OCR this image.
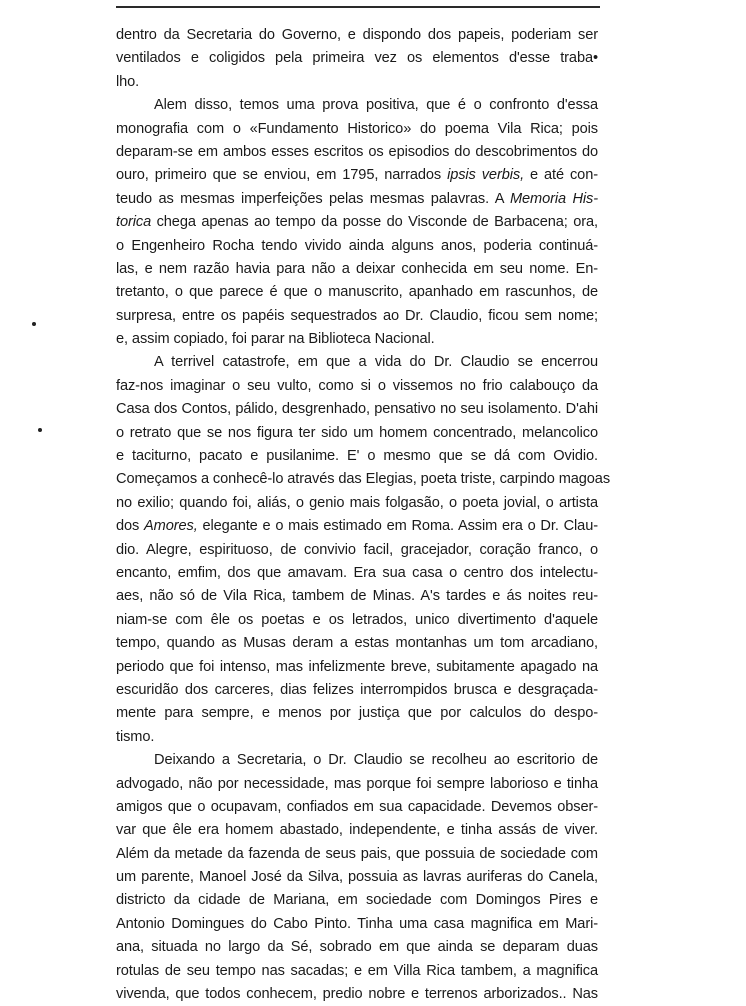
dentro da Secretaria do Governo, e dispondo dos papeis, poderiam ser
ventilados e coligidos pela primeira vez os elementos d'esse traba•
lho.
Alem disso, temos uma prova positiva, que é o confronto d'essa
monografia com o «Fundamento Historico» do poema Vila Rica; pois
deparam-se em ambos esses escritos os episodios do descobrimentos do
ouro, primeiro que se enviou, em 1795, narrados ipsis verbis, e até con-
teudo as mesmas imperfeições pelas mesmas palavras. A Memoria His-
torica chega apenas ao tempo da posse do Visconde de Barbacena; ora,
o Engenheiro Rocha tendo vivido ainda alguns anos, poderia continuá-
las, e nem razão havia para não a deixar conhecida em seu nome. En-
tretanto, o que parece é que o manuscrito, apanhado em rascunhos, de
surpresa, entre os papéis sequestrados ao Dr. Claudio, ficou sem nome;
e, assim copiado, foi parar na Biblioteca Nacional.
A terrivel catastrofe, em que a vida do Dr. Claudio se encerrou
faz-nos imaginar o seu vulto, como si o vissemos no frio calabouço da
Casa dos Contos, pálido, desgrenhado, pensativo no seu isolamento. D'ahi
o retrato que se nos figura ter sido um homem concentrado, melancolico
e taciturno, pacato e pusilanime. E' o mesmo que se dá com Ovidio.
Começamos a conhecê-lo através das Elegias, poeta triste, carpindo magoas
no exilio; quando foi, aliás, o genio mais folgasão, o poeta jovial, o artista
dos Amores, elegante e o mais estimado em Roma. Assim era o Dr. Clau-
dio. Alegre, espirituoso, de convivio facil, gracejador, coração franco, o
encanto, emfim, dos que amavam. Era sua casa o centro dos intelectu-
aes, não só de Vila Rica, tambem de Minas. A's tardes e ás noites reu-
niam-se com êle os poetas e os letrados, unico divertimento d'aquele
tempo, quando as Musas deram a estas montanhas um tom arcadiano,
periodo que foi intenso, mas infelizmente breve, subitamente apagado na
escuridão dos carceres, dias felizes interrompidos brusca e desgraçada-
mente para sempre, e menos por justiça que por calculos do despo-
tismo.
Deixando a Secretaria, o Dr. Claudio se recolheu ao escritorio de
advogado, não por necessidade, mas porque foi sempre laborioso e tinha
amigos que o ocupavam, confiados em sua capacidade. Devemos obser-
var que êle era homem abastado, independente, e tinha assás de viver.
Além da metade da fazenda de seus pais, que possuia de sociedade com
um parente, Manoel José da Silva, possuia as lavras auriferas do Canela,
districto da cidade de Mariana, em sociedade com Domingos Pires e
Antonio Domingues do Cabo Pinto. Tinha uma casa magnifica em Mari-
ana, situada no largo da Sé, sobrado em que ainda se deparam duas
rotulas de seu tempo nas sacadas; e em Villa Rica tambem, a magnifica
vivenda, que todos conhecem, predio nobre e terrenos arborizados.. Nas
